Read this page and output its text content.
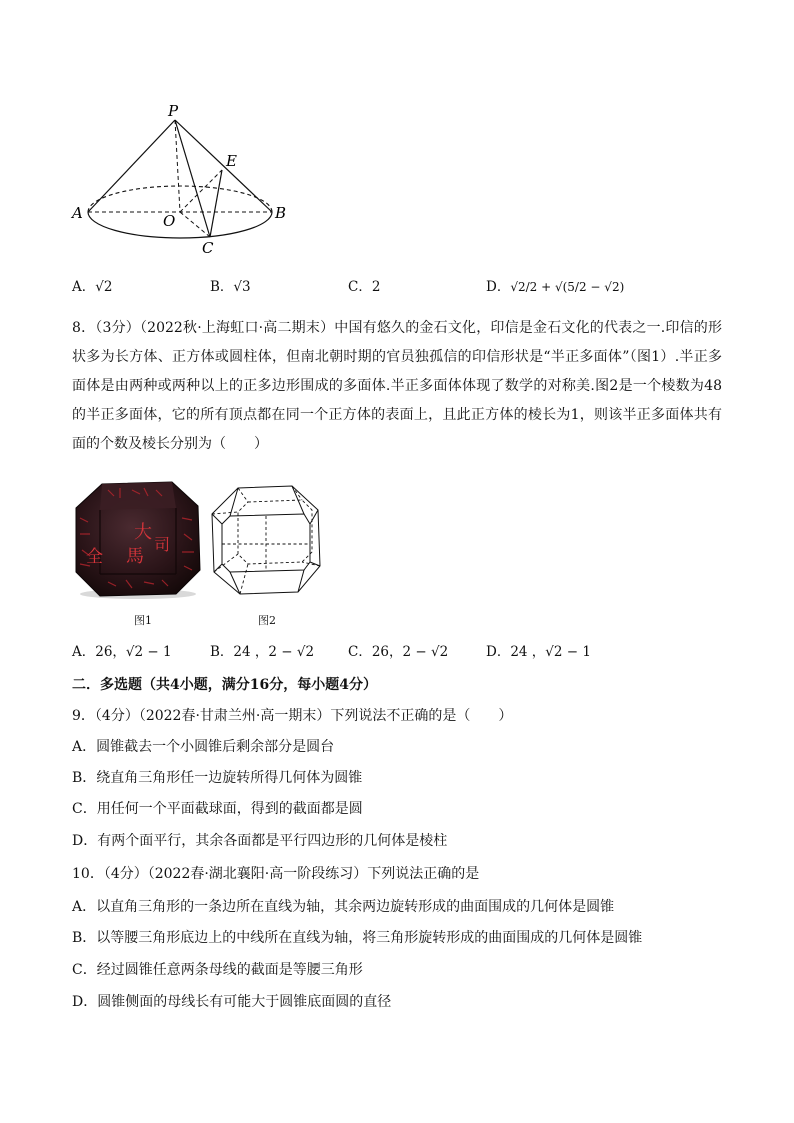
P
E
A	O	B
C
A．√2	B．√3	C．2	D．√2/2 + √(5/2 − √2)
8．（3分）（2022秋·上海虹口·高二期末）中国有悠久的金石文化，印信是金石文化的代表之一.印信的形状多为长方体、正方体或圆柱体，但南北朝时期的官员独孤信的印信形状是“半正多面体”（图1）.半正多面体是由两种或两种以上的正多边形围成的多面体.半正多面体体现了数学的对称美.图2是一个棱数为48的半正多面体，它的所有顶点都在同一个正方体的表面上，且此正方体的棱长为1，则该半正多面体共有面的个数及棱长分别为（　　）
大
司
馬
全
图1	图2
A．26，√2 − 1	B．24 ，2 − √2	C．26，2 − √2	D．24 ，√2 − 1
二．多选题（共4小题，满分16分，每小题4分）
9．（4分）（2022春·甘肃兰州·高一期末）下列说法不正确的是（　　）
A．圆锥截去一个小圆锥后剩余部分是圆台
B．绕直角三角形任一边旋转所得几何体为圆锥
C．用任何一个平面截球面，得到的截面都是圆
D．有两个面平行，其余各面都是平行四边形的几何体是棱柱
10．（4分）（2022春·湖北襄阳·高一阶段练习）下列说法正确的是
A．以直角三角形的一条边所在直线为轴，其余两边旋转形成的曲面围成的几何体是圆锥
B．以等腰三角形底边上的中线所在直线为轴，将三角形旋转形成的曲面围成的几何体是圆锥
C．经过圆锥任意两条母线的截面是等腰三角形
D．圆锥侧面的母线长有可能大于圆锥底面圆的直径
